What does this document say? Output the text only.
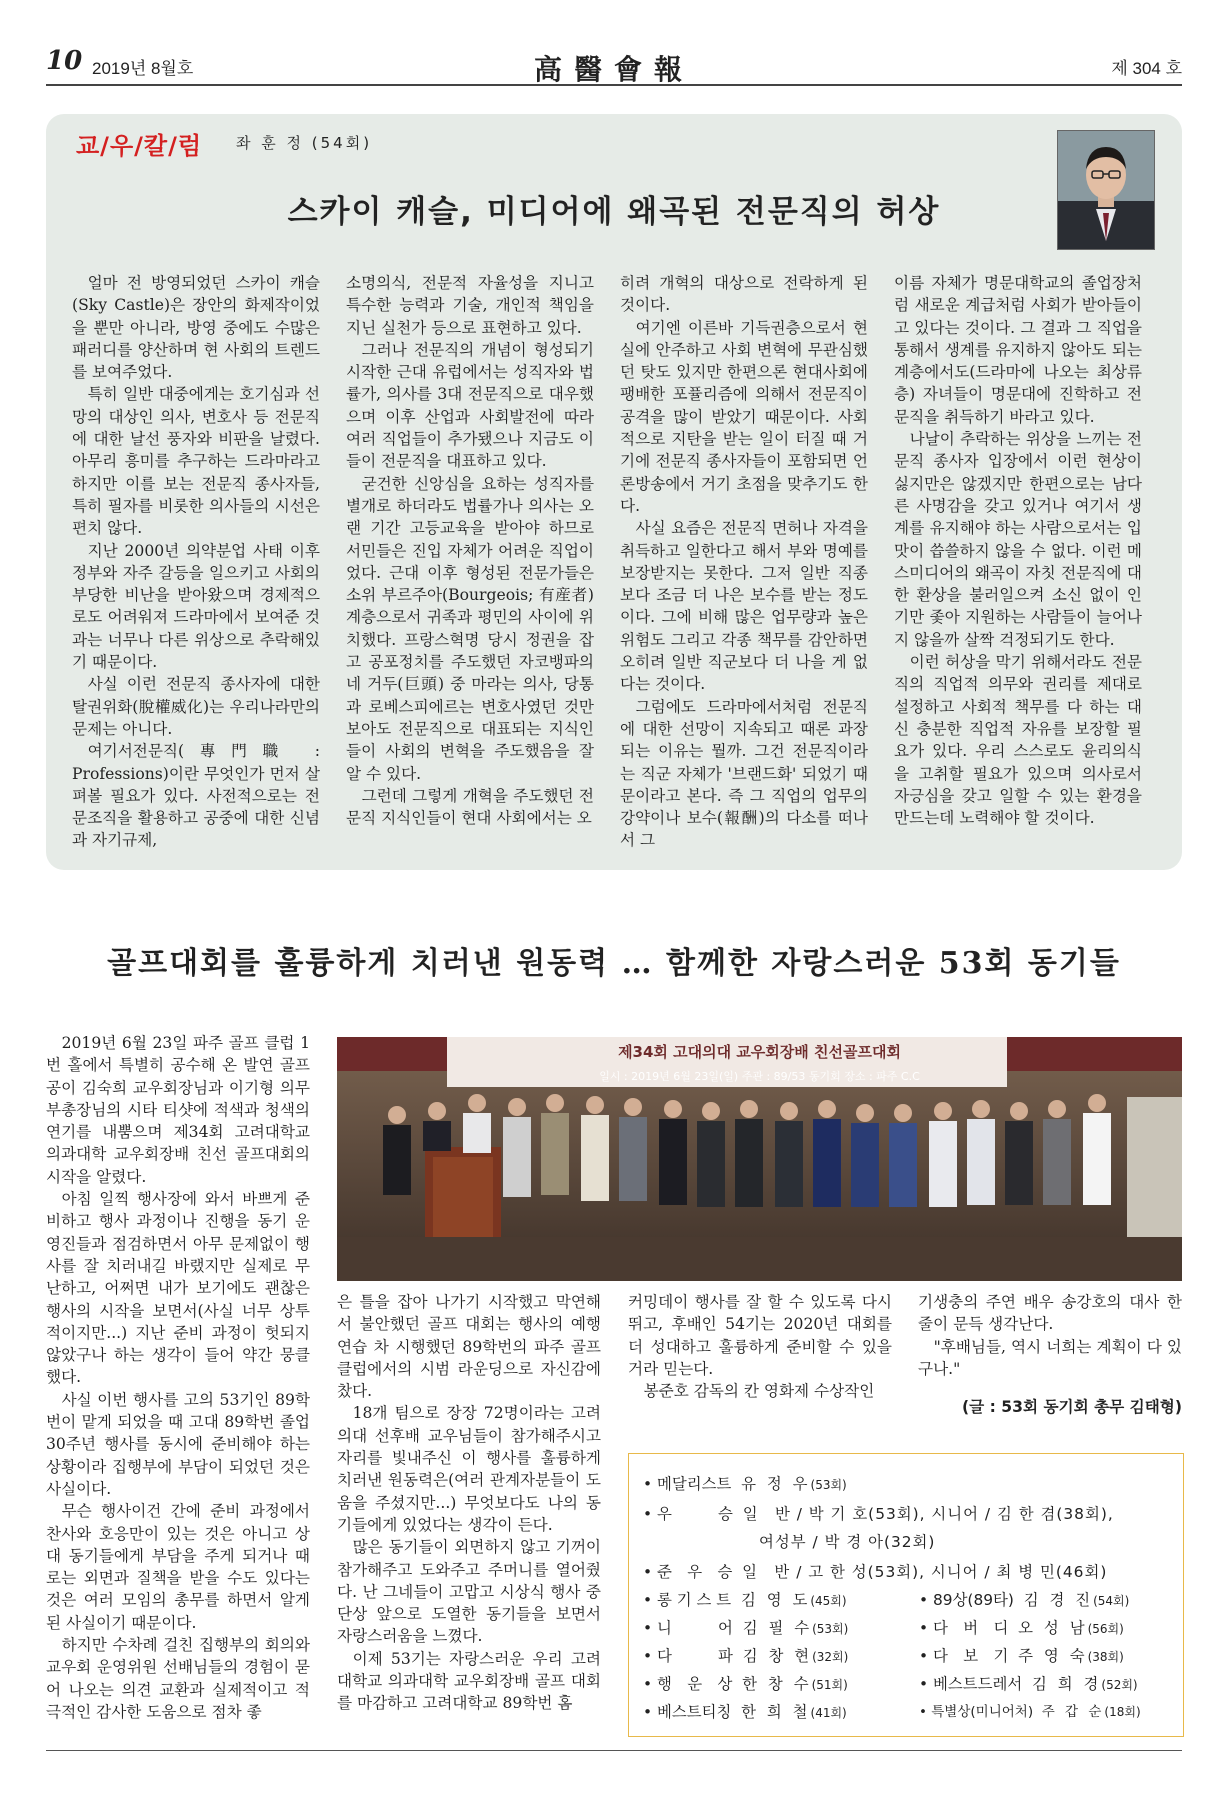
10 2019년 8월호	高醫會報	제 304 호
교/우/칼/럼 좌 훈 정 (54회)
스카이 캐슬, 미디어에 왜곡된 전문직의 허상

얼마 전 방영되었던 스카이 캐슬(Sky Castle)은 장안의 화제작이었을 뿐만 아니라, 방영 중에도 수많은 패러디를 양산하며 현 사회의 트렌드를 보여주었다.

특히 일반 대중에게는 호기심과 선망의 대상인 의사, 변호사 등 전문직에 대한 날선 풍자와 비판을 날렸다. 아무리 흥미를 추구하는 드라마라고 하지만 이를 보는 전문직 종사자들, 특히 필자를 비롯한 의사들의 시선은 편치 않다.

지난 2000년 의약분업 사태 이후 정부와 자주 갈등을 일으키고 사회의 부당한 비난을 받아왔으며 경제적으로도 어려워져 드라마에서 보여준 것과는 너무나 다른 위상으로 추락해있기 때문이다.

사실 이런 전문직 종사자에 대한 탈권위화(脫權威化)는 우리나라만의 문제는 아니다.

여기서전문직(專門職 : Professions)이란 무엇인가 먼저 살펴볼 필요가 있다. 사전적으로는 전문조직을 활용하고 공중에 대한 신념과 자기규제,

소명의식, 전문적 자율성을 지니고 특수한 능력과 기술, 개인적 책임을 지닌 실천가 등으로 표현하고 있다.

그러나 전문직의 개념이 형성되기 시작한 근대 유럽에서는 성직자와 법률가, 의사를 3대 전문직으로 대우했으며 이후 산업과 사회발전에 따라 여러 직업들이 추가됐으나 지금도 이들이 전문직을 대표하고 있다.

굳건한 신앙심을 요하는 성직자를 별개로 하더라도 법률가나 의사는 오랜 기간 고등교육을 받아야 하므로 서민들은 진입 자체가 어려운 직업이었다. 근대 이후 형성된 전문가들은 소위 부르주아(Bourgeois; 有産者) 계층으로서 귀족과 평민의 사이에 위치했다. 프랑스혁명 당시 정권을 잡고 공포정치를 주도했던 자코뱅파의 네 거두(巨頭) 중 마라는 의사, 당통과 로베스피에르는 변호사였던 것만 보아도 전문직으로 대표되는 지식인들이 사회의 변혁을 주도했음을 잘 알 수 있다.

그런데 그렇게 개혁을 주도했던 전문직 지식인들이 현대 사회에서는 오

히려 개혁의 대상으로 전락하게 된 것이다.

여기엔 이른바 기득권층으로서 현실에 안주하고 사회 변혁에 무관심했던 탓도 있지만 한편으론 현대사회에 팽배한 포퓰리즘에 의해서 전문직이 공격을 많이 받았기 때문이다. 사회적으로 지탄을 받는 일이 터질 때 거기에 전문직 종사자들이 포함되면 언론방송에서 거기 초점을 맞추기도 한다.

사실 요즘은 전문직 면허나 자격을 취득하고 일한다고 해서 부와 명예를 보장받지는 못한다. 그저 일반 직종보다 조금 더 나은 보수를 받는 정도이다. 그에 비해 많은 업무량과 높은 위험도 그리고 각종 책무를 감안하면 오히려 일반 직군보다 더 나을 게 없다는 것이다.

그럼에도 드라마에서처럼 전문직에 대한 선망이 지속되고 때론 과장되는 이유는 뭘까. 그건 전문직이라는 직군 자체가 '브랜드화' 되었기 때문이라고 본다. 즉 그 직업의 업무의 강약이나 보수(報酬)의 다소를 떠나서 그

이름 자체가 명문대학교의 졸업장처럼 새로운 계급처럼 사회가 받아들이고 있다는 것이다. 그 결과 그 직업을 통해서 생계를 유지하지 않아도 되는 계층에서도(드라마에 나오는 최상류층) 자녀들이 명문대에 진학하고 전문직을 취득하기 바라고 있다.

나날이 추락하는 위상을 느끼는 전문직 종사자 입장에서 이런 현상이 싫지만은 않겠지만 한편으로는 남다른 사명감을 갖고 있거나 여기서 생계를 유지해야 하는 사람으로서는 입맛이 씁쓸하지 않을 수 없다. 이런 메스미디어의 왜곡이 자칫 전문직에 대한 환상을 불러일으켜 소신 없이 인기만 좇아 지원하는 사람들이 늘어나지 않을까 살짝 걱정되기도 한다.

이런 허상을 막기 위해서라도 전문직의 직업적 의무와 권리를 제대로 설정하고 사회적 책무를 다 하는 대신 충분한 직업적 자유를 보장할 필요가 있다. 우리 스스로도 윤리의식을 고취할 필요가 있으며 의사로서 자긍심을 갖고 일할 수 있는 환경을 만드는데 노력해야 할 것이다.

골프대회를 훌륭하게 치러낸 원동력 … 함께한 자랑스러운 53회 동기들

2019년 6월 23일 파주 골프 클럽 1번 홀에서 특별히 공수해 온 발연 골프공이 김숙희 교우회장님과 이기형 의무부총장님의 시타 티샷에 적색과 청색의 연기를 내뿜으며 제34회 고려대학교 의과대학 교우회장배 친선 골프대회의 시작을 알렸다.

아침 일찍 행사장에 와서 바쁘게 준비하고 행사 과정이나 진행을 동기 운영진들과 점검하면서 아무 문제없이 행사를 잘 치러내길 바랬지만 실제로 무난하고, 어쩌면 내가 보기에도 괜찮은 행사의 시작을 보면서(사실 너무 상투적이지만...) 지난 준비 과정이 헛되지 않았구나 하는 생각이 들어 약간 뭉클했다.

사실 이번 행사를 고의 53기인 89학번이 맡게 되었을 때 고대 89학번 졸업 30주년 행사를 동시에 준비해야 하는 상황이라 집행부에 부담이 되었던 것은 사실이다.

무슨 행사이건 간에 준비 과정에서 찬사와 호응만이 있는 것은 아니고 상대 동기들에게 부담을 주게 되거나 때로는 외면과 질책을 받을 수도 있다는 것은 여러 모임의 총무를 하면서 알게 된 사실이기 때문이다.

하지만 수차례 걸친 집행부의 회의와 교우회 운영위원 선배님들의 경험이 묻어 나오는 의견 교환과 실제적이고 적극적인 감사한 도움으로 점차 좋

제34회 고대의대 교우회장배 친선골프대회
일시 : 2019년 6월 23일(일) 주관 : 89/53 동기회 장소 : 파주 C.C

은 틀을 잡아 나가기 시작했고 막연해서 불안했던 골프 대회는 행사의 예행 연습 차 시행했던 89학번의 파주 골프 클럽에서의 시범 라운딩으로 자신감에 찼다.

18개 팀으로 장장 72명이라는 고려의대 선후배 교우님들이 참가해주시고 자리를 빛내주신 이 행사를 훌륭하게 치러낸 원동력은(여러 관계자분들이 도움을 주셨지만...) 무엇보다도 나의 동기들에게 있었다는 생각이 든다.

많은 동기들이 외면하지 않고 기꺼이 참가해주고 도와주고 주머니를 열어줬다. 난 그네들이 고맙고 시상식 행사 중 단상 앞으로 도열한 동기들을 보면서 자랑스러움을 느꼈다.

이제 53기는 자랑스러운 우리 고려대학교 의과대학 교우회장배 골프 대회를 마감하고 고려대학교 89학번 홈

커밍데이 행사를 잘 할 수 있도록 다시 뛰고, 후배인 54기는 2020년 대회를 더 성대하고 훌륭하게 준비할 수 있을 거라 믿는다.

봉준호 감독의 칸 영화제 수상작인

기생충의 주연 배우 송강호의 대사 한 줄이 문득 생각난다.

"후배님들, 역시 너희는 계획이 다 있구나."

(글 : 53회 동기회 총무 김태형)
• 메달리스트 유 정 우(53회)
• 우　　　승 일　반 / 박 기 호(53회), 시니어 / 김 한 겸(38회),
여성부 / 박 경 아(32회)
• 준　우　승 일　반 / 고 한 성(53회), 시니어 / 최 병 민(46회)
• 롱 기 스 트 김 영 도(45회)
• 니　　　어 김 필 수(53회)
• 다　　　파 김 창 현(32회)
• 행　운　상 한 창 수(51회)
• 베스트티칭 한 희 철(41회)
• 89상(89타) 김 경 진(54회)
• 다　버　디 오 성 남(56회)
• 다　보　기 주 영 숙(38회)
• 베스트드레서 김 희 경(52회)
• 특별상(미니어처) 주 갑 순(18회)
